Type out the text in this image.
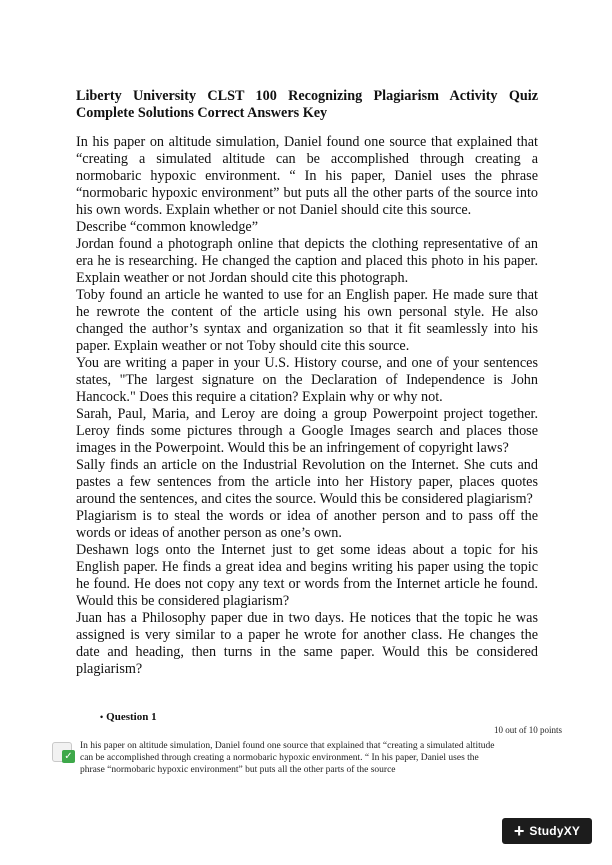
Liberty University CLST 100 Recognizing Plagiarism Activity Quiz Complete Solutions Correct Answers Key

In his paper on altitude simulation, Daniel found one source that explained that “creating a simulated altitude can be accomplished through creating a normobaric hypoxic environment. “ In his paper, Daniel uses the phrase “normobaric hypoxic environment” but puts all the other parts of the source into his own words. Explain whether or not Daniel should cite this source.

Describe “common knowledge”

Jordan found a photograph online that depicts the clothing representative of an era he is researching. He changed the caption and placed this photo in his paper. Explain weather or not Jordan should cite this photograph.

Toby found an article he wanted to use for an English paper. He made sure that he rewrote the content of the article using his own personal style. He also changed the author’s syntax and organization so that it fit seamlessly into his paper. Explain weather or not Toby should cite this source.

You are writing a paper in your U.S. History course, and one of your sentences states, "The largest signature on the Declaration of Independence is John Hancock." Does this require a citation? Explain why or why not.

Sarah, Paul, Maria, and Leroy are doing a group Powerpoint project together. Leroy finds some pictures through a Google Images search and places those images in the Powerpoint. Would this be an infringement of copyright laws?

Sally finds an article on the Industrial Revolution on the Internet. She cuts and pastes a few sentences from the article into her History paper, places quotes around the sentences, and cites the source. Would this be considered plagiarism?

Plagiarism is to steal the words or idea of another person and to pass off the words or ideas of another person as one’s own.

Deshawn logs onto the Internet just to get some ideas about a topic for his English paper. He finds a great idea and begins writing his paper using the topic he found. He does not copy any text or words from the Internet article he found. Would this be considered plagiarism?

Juan has a Philosophy paper due in two days. He notices that the topic he was assigned is very similar to a paper he wrote for another class. He changes the date and heading, then turns in the same paper. Would this be considered plagiarism?

• Question 1
10 out of 10 points
✓

In his paper on altitude simulation, Daniel found one source that explained that “creating a simulated altitude can be accomplished through creating a normobaric hypoxic environment. “ In his paper, Daniel uses the phrase “normobaric hypoxic environment” but puts all the other parts of the source

+ StudyXY
